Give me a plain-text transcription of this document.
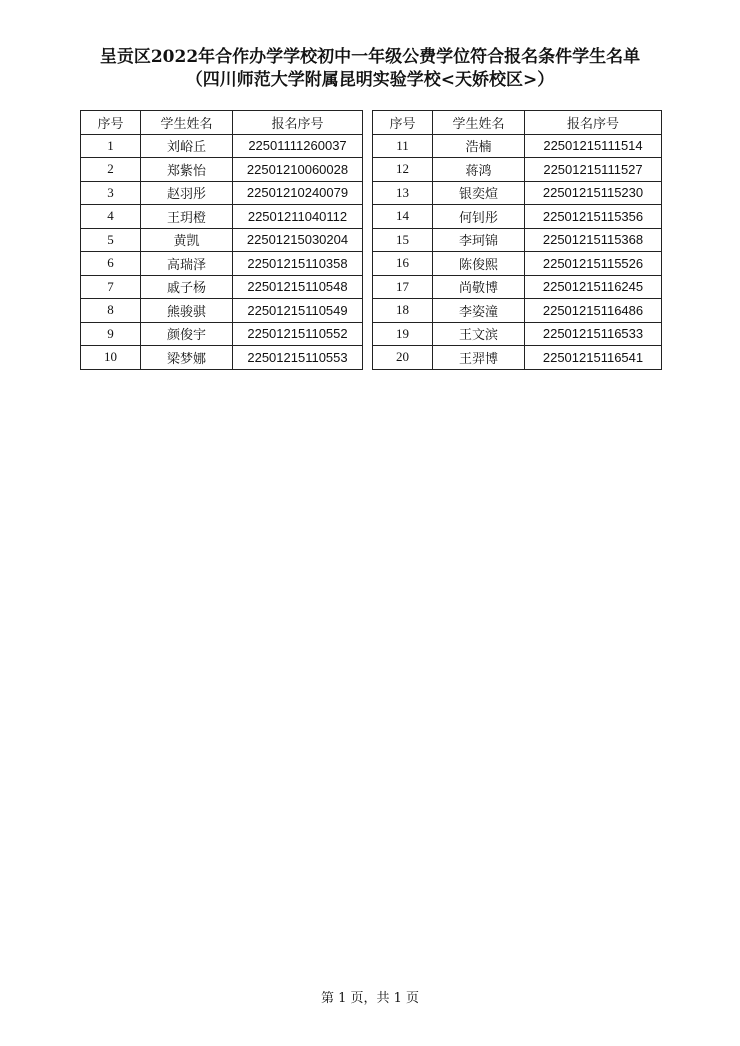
呈贡区2022年合作办学学校初中一年级公费学位符合报名条件学生名单
（四川师范大学附属昆明实验学校<天娇校区>）
序号	学生姓名	报名序号		序号	学生姓名	报名序号
1	刘峪丘	22501111260037		11	浩楠	22501215111514
2	郑紫怡	22501210060028		12	蒋鸿	22501215111527
3	赵羽彤	22501210240079		13	银奕煊	22501215115230
4	王玥橙	22501211040112		14	何钊彤	22501215115356
5	黄凯	22501215030204		15	李珂锦	22501215115368
6	高瑞泽	22501215110358		16	陈俊熙	22501215115526
7	戚子杨	22501215110548		17	尚敬博	22501215116245
8	熊骏骐	22501215110549		18	李姿潼	22501215116486
9	颜俊宇	22501215110552		19	王文滨	22501215116533
10	梁梦娜	22501215110553		20	王羿博	22501215116541
第 1 页，共 1 页
